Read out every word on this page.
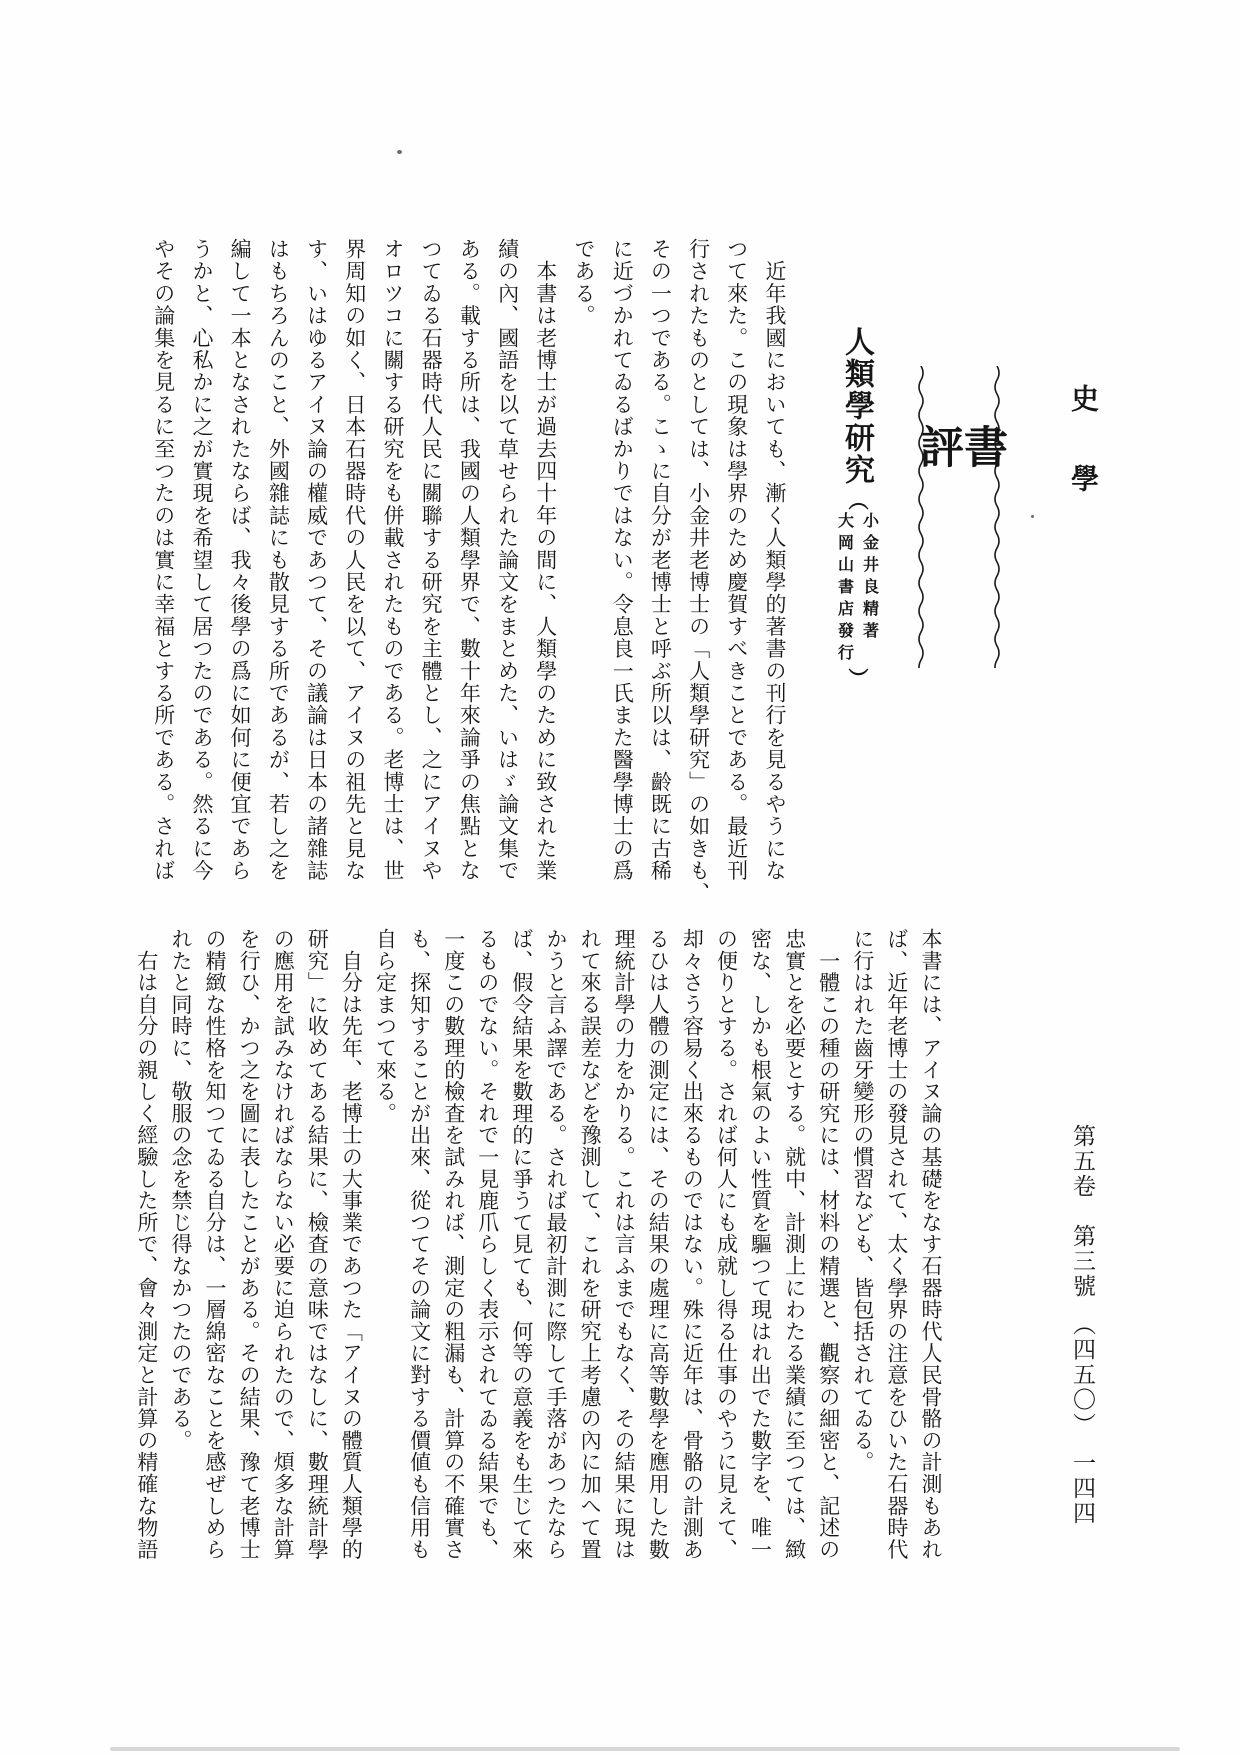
史學
書評
人類學研究
（
小金井良精著
大岡山書店發行
）
　近年我國においても、漸く人類學的著書の刊行を見るやうにな
つて來た。この現象は學界のため慶賀すべきことである。最近刊
行されたものとしては、小金井老博士の「人類學研究」の如きも、
その一つである。こゝに自分が老博士と呼ぶ所以は、齡既に古稀
に近づかれてゐるばかりではない。令息良一氏また醫學博士の爲
である。
　本書は老博士が過去四十年の間に、人類學のために致された業
績の內、國語を以て草せられた論文をまとめた、いはゞ論文集で
ある。載する所は、我國の人類學界で、數十年來論爭の焦點とな
つてゐる石器時代人民に關聯する研究を主體とし、之にアイヌや
オロツコに關する研究をも併載されたものである。老博士は、世
界周知の如く、日本石器時代の人民を以て、アイヌの祖先と見な
す、いはゆるアイヌ論の權威であつて、その議論は日本の諸雜誌
はもちろんのこと、外國雜誌にも散見する所であるが、若し之を
編して一本となされたならば、我々後學の爲に如何に便宜であら
うかと、心私かに之が實現を希望して居つたのである。然るに今
やその論集を見るに至つたのは實に幸福とする所である。されば
本書には、アイヌ論の基礎をなす石器時代人民骨骼の計測もあれ
ば、近年老博士の發見されて、太く學界の注意をひいた石器時代
に行はれた齒牙變形の慣習なども、皆包括されてゐる。
　一體この種の研究には、材料の精選と、觀察の細密と、記述の
忠實とを必要とする。就中、計測上にわたる業績に至つては、緻
密な、しかも根氣のよい性質を驅つて現はれ出でた數字を、唯一
の便りとする。されば何人にも成就し得る仕事のやうに見えて、
却々さう容易く出來るものではない。殊に近年は、骨骼の計測あ
るひは人體の測定には、その結果の處理に高等數學を應用した數
理統計學の力をかりる。これは言ふまでもなく、その結果に現は
れて來る誤差などを豫測して、これを研究上考慮の內に加へて置
かうと言ふ譯である。されば最初計測に際して手落があつたなら
ば、假令結果を數理的に爭うて見ても、何等の意義をも生じて來
るものでない。それで一見鹿爪らしく表示されてゐる結果でも、
一度この數理的檢査を試みれば、測定の粗漏も、計算の不確實さ
も、探知することが出來、從つてその論文に對する價値も信用も
自ら定まつて來る。
　自分は先年、老博士の大事業であつた「アイヌの體質人類學的
研究」に收めてある結果に、檢査の意味ではなしに、數理統計學
の應用を試みなければならない必要に迫られたので、煩多な計算
を行ひ、かつ之を圖に表したことがある。その結果、豫て老博士
の精緻な性格を知つてゐる自分は、一層綿密なことを感ぜしめら
れたと同時に、敬服の念を禁じ得なかつたのである。
　右は自分の親しく經驗した所で、會々測定と計算の精確な物語	第五卷　第三號　（四五〇）　一四四
